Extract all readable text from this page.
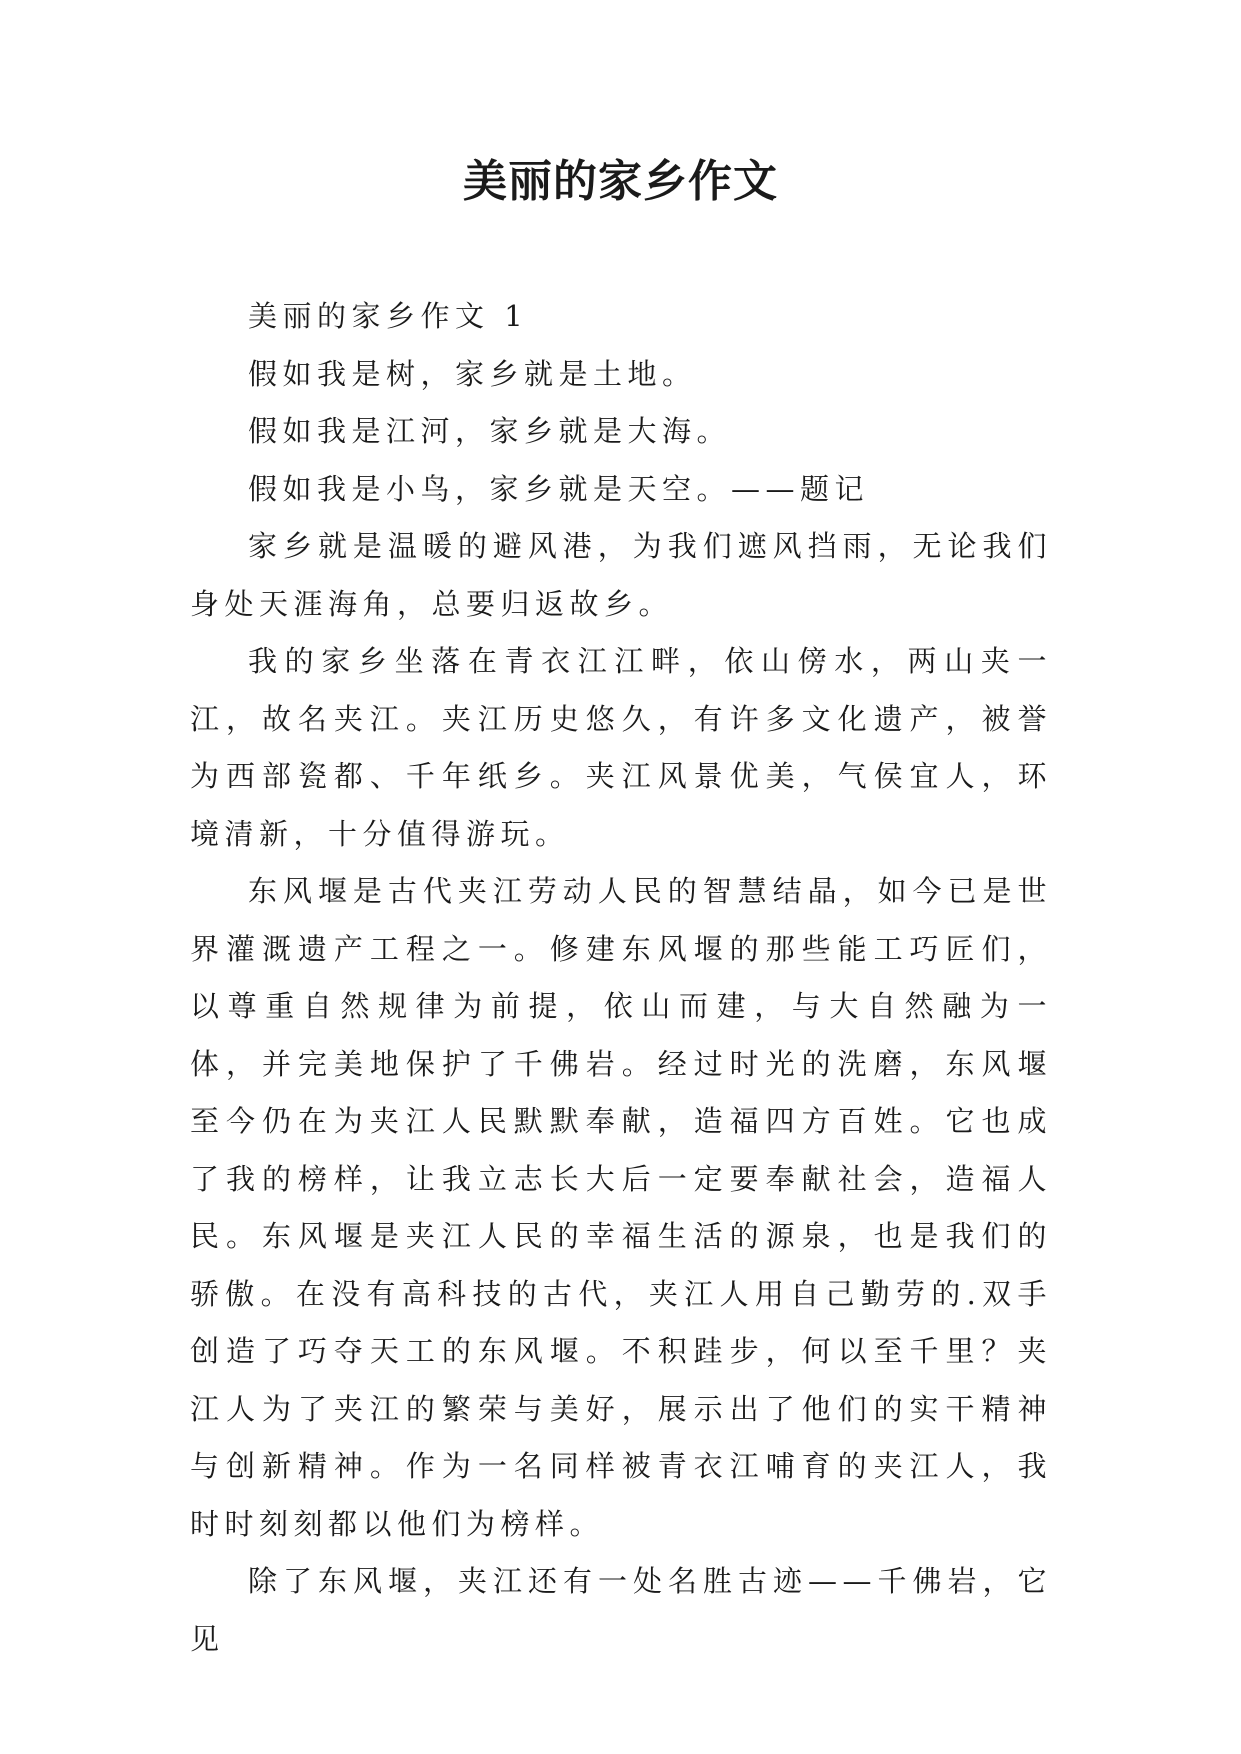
美丽的家乡作文

美丽的家乡作文 1

假如我是树，家乡就是土地。

假如我是江河，家乡就是大海。

假如我是小鸟，家乡就是天空。——题记

家乡就是温暖的避风港，为我们遮风挡雨，无论我们身处天涯海角，总要归返故乡。

我的家乡坐落在青衣江江畔，依山傍水，两山夹一江，故名夹江。夹江历史悠久，有许多文化遗产，被誉为西部瓷都、千年纸乡。夹江风景优美，气侯宜人，环境清新，十分值得游玩。

东风堰是古代夹江劳动人民的智慧结晶，如今已是世界灌溉遗产工程之一。修建东风堰的那些能工巧匠们，以尊重自然规律为前提，依山而建，与大自然融为一体，并完美地保护了千佛岩。经过时光的洗磨，东风堰至今仍在为夹江人民默默奉献，造福四方百姓。它也成了我的榜样，让我立志长大后一定要奉献社会，造福人民。东风堰是夹江人民的幸福生活的源泉，也是我们的骄傲。在没有高科技的古代，夹江人用自己勤劳的.双手创造了巧夺天工的东风堰。不积跬步，何以至千里？夹江人为了夹江的繁荣与美好，展示出了他们的实干精神与创新精神。作为一名同样被青衣江哺育的夹江人，我时时刻刻都以他们为榜样。

除了东风堰，夹江还有一处名胜古迹——千佛岩，它见
